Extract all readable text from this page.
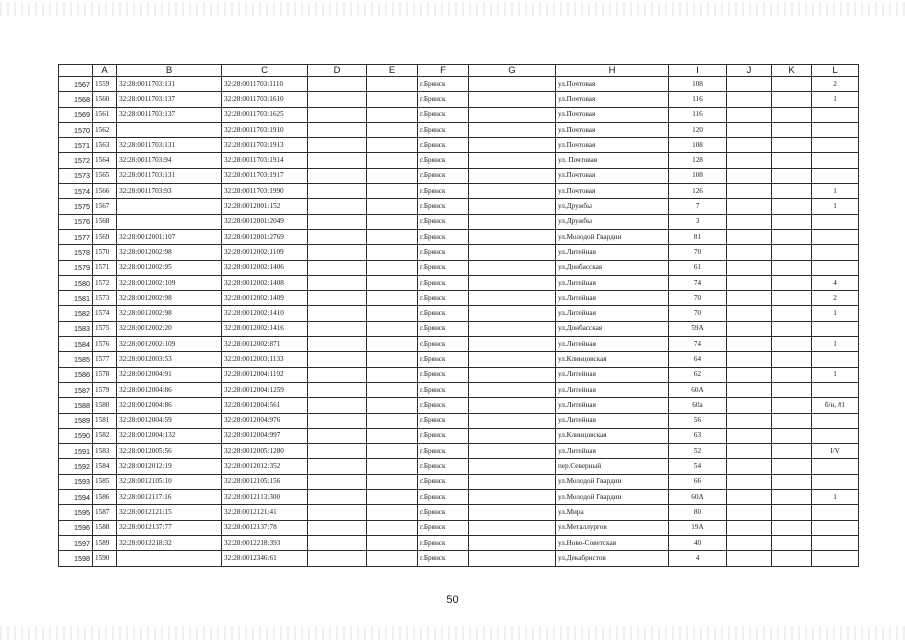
	A	B	C	D	E	F	G	H	I	J	K	L
1567	1559	32:28:0011703:131	32:28:0011703:1110			г.Брянск		ул.Почтовая	108			2
1568	1560	32:28:0011703:137	32:28:0011703:1610			г.Брянск		ул.Почтовая	116			1
1569	1561	32:28:0011703:137	32:28:0011703:1625			г.Брянск		ул.Почтовая	116			
1570	1562		32:28:0011703:1910			г.Брянск		ул.Почтовая	120			
1571	1563	32:28:0011703:131	32:28:0011703:1913			г.Брянск		ул.Почтовая	108			
1572	1564	32:28:0011703:94	32:28:0011703:1914			г.Брянск		ул. Почтовая	128			
1573	1565	32:28:0011703:131	32:28:0011703:1917			г.Брянск		ул.Почтовая	108			
1574	1566	32:28:0011703:93	32:28:0011703:1990			г.Брянск		ул.Почтовая	126			1
1575	1567		32:28:0012001:152			г.Брянск		ул.Дружбы	7			1
1576	1568		32:28:0012001:2049			г.Брянск		ул.Дружбы	3			
1577	1569	32:28:0012001:107	32:28:0012001:2769			г.Брянск		ул.Молодой Гвардии	81			
1578	1570	32:28:0012002:98	32:28:0012002:1109			г.Брянск		ул.Литейная	70			
1579	1571	32:28:0012002:95	32:28:0012002:1406			г.Брянск		ул.Донбасская	61			
1580	1572	32:28:0012002:109	32:28:0012002:1408			г.Брянск		ул.Литейная	74			4
1581	1573	32:28:0012002:98	32:28:0012002:1409			г.Брянск		ул.Литейная	70			2
1582	1574	32:28:0012002:98	32:28:0012002:1410			г.Брянск		ул.Литейная	70			1
1583	1575	32:28:0012002:20	32:28:0012002:1416			г.Брянск		ул.Донбасская	59А			
1584	1576	32:28:0012002:109	32:28:0012002:871			г.Брянск		ул.Литейная	74			1
1585	1577	32:28:0012003:53	32:28:0012003:1133			г.Брянск		ул.Клинцовская	64			
1586	1578	32:28:0012004:91	32:28:0012004:1192			г.Брянск		ул.Литейная	62			1
1587	1579	32:28:0012004:86	32:28:0012004:1259			г.Брянск		ул.Литейная	60А			
1588	1580	32:28:0012004:86	32:28:0012004:561			г.Брянск		ул.Литейная	60а			б/н, #1
1589	1581	32:28:0012004:59	32:28:0012004:976			г.Брянск		ул.Литейная	56			
1590	1582	32:28:0012004:132	32:28:0012004:997			г.Брянск		ул.Клинцовская	63			
1591	1583	32:28:0012005:56	32:28:0012005:1280			г.Брянск		ул.Литейная	52			I/V
1592	1584	32:28:0012012:19	32:28:0012012:352			г.Брянск		пер.Северный	54			
1593	1585	32:28:0012105:10	32:28:0012105:156			г.Брянск		ул.Молодой Гвардии	66			
1594	1586	32:28:0012117:16	32:28:0012113:300			г.Брянск		ул.Молодой Гвардии	60А			1
1595	1587	32:28:0012121:15	32:28:0012121:41			г.Брянск		ул.Мира	80			
1596	1588	32:28:0012137:77	32:28:0012137:78			г.Брянск		ул.Металлургов	19А			
1597	1589	32:28:0012218:32	32:28:0012218:393			г.Брянск		ул.Ново-Советская	40			
1598	1590		32:28:0012346:61			г.Брянск		ул.Декабристов	4			
50
